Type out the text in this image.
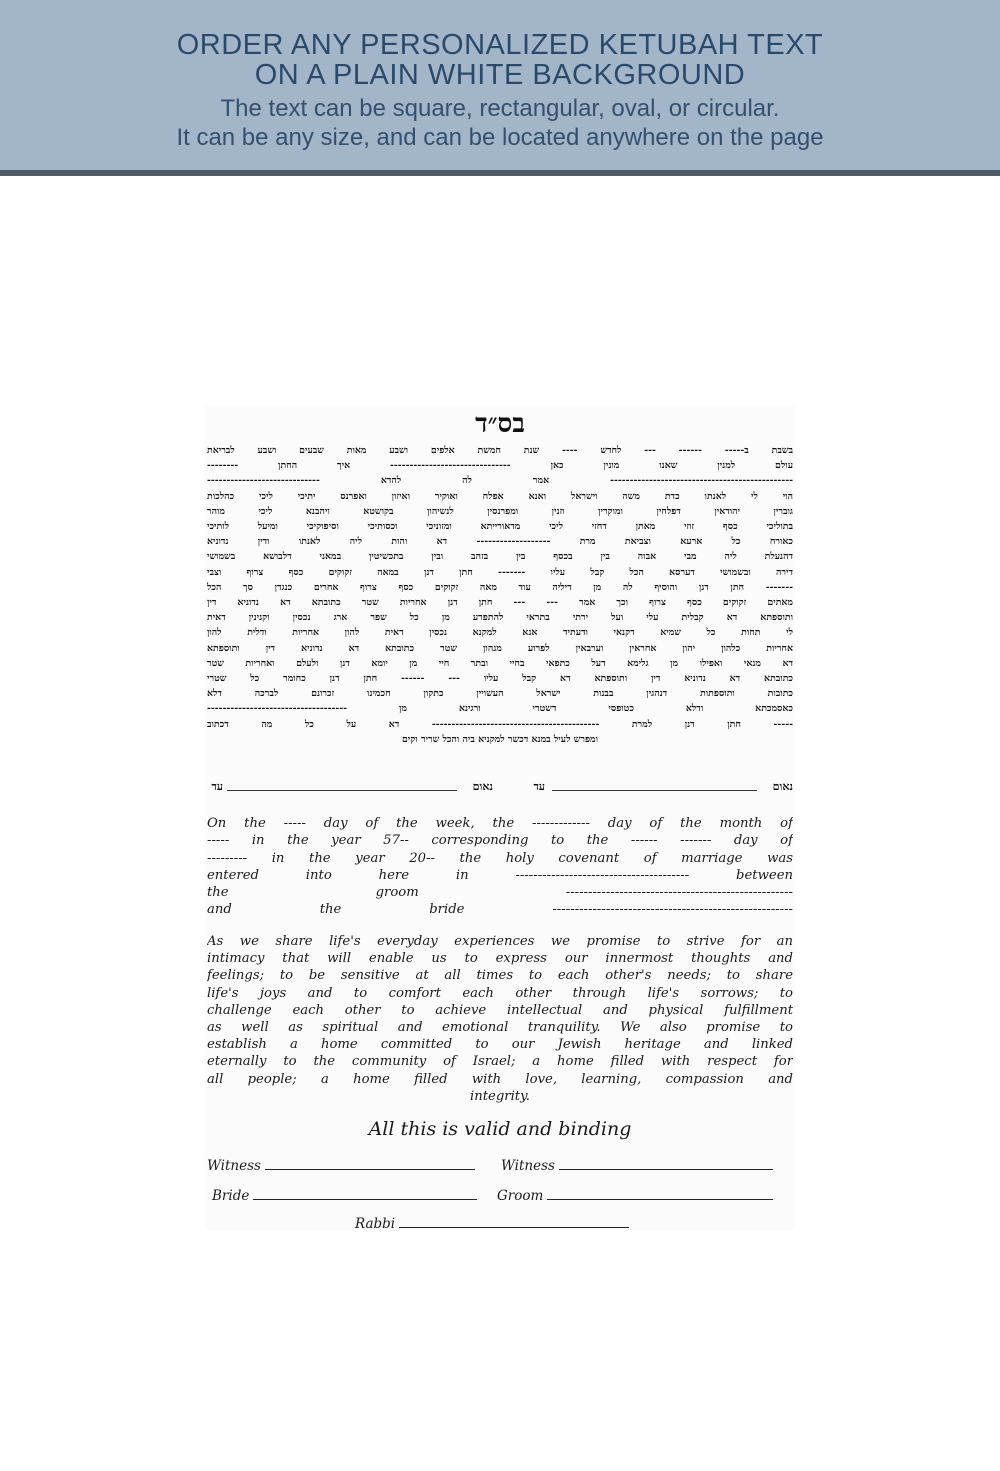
ORDER ANY PERSONALIZED KETUBAH TEXT
ON A PLAIN WHITE BACKGROUND
The text can be square, rectangular, oval, or circular.
It can be any size, and can be located anywhere on the page
בס״ד
בשבת ב----- ------ --- לחדש ---- שנת חמשת אלפים ושבע מאות שבעים ושבע לבריאת
עולם למנין שאנו מונין כאן ------------------------------- איך החתן --------
----------------------------------------------- אמר לה להדא -----------------------------
הוי לי לאנתו כדת משה וישראל ואנא אפלח ואוקיר ואיזון ואפרנס יתיכי ליכי כהלכות
גוברין יהודאין דפלחין ומוקרין וזנין ומפרנסין לנשיהון בקושטא ויהבנא ליכי מוהר
בתוליכי כסף זוזי מאתן דחזי ליכי מדאורייתא ומזוניכי וכסותיכי וסיפוקיכי ומיעל לותיכי
כאורח כל ארעא וצביאת מרת ------------------- דא והות ליה לאנתו ודין נדוניא
דהנעלת ליה מבי אבוה בין בכסף בין בזהב ובין בתכשיטין במאני דלבושא בשמושי
דירה ובשמושי דערסא הכל קבל עליו ------- חתן דנן במאה זקוקים כסף צרוף וצבי
------- חתן דנן והוסיף לה מן דיליה עוד מאה זקוקים כסף צרוף אחרים כנגדן סך הכל
מאתים זקוקים כסף צרוף וכך אמר --- --- חתן דנן אחריות שטר כתובתא דא נדוניא דין
ותוספתא דא קבלית עלי ועל ירתי בתראי להתפרע מן כל שפר ארג נכסין וקנינין דאית
לי תחות כל שמיא דקנאי ודעתיד אנא למקנא נכסין דאית להון אחריות ודלית להון
אחריות כלהון יהון אחראין וערבאין לפרוע מנהון שטר כתובתא דא נדוניא דין ותוספתא
דא מנאי ואפילו מן גלימא דעל כתפאי בחיי ובתר חיי מן יומא דנן ולעלם ואחריות שטר
כתובתא דא נדוניא דין ותוספתא דא קבל עליו --- ------ חתן דנן כחומר כל שטרי
כתובות ותוספתות דנהגין בבנות ישראל העשויין כתקון חכמינו זכרונם לברכה דלא
כאסמכתא ודלא כטופסי דשטרי ורגינא מן ------------------------------------
----- חתן דנן למרת ------------------------------------------- דא על כל מה דכתוב
ומפרש לעיל במנא דכשר למקניא ביה והכל שריר וקים
נאום
עד
נאום
עד
On the ----- day of the week, the ------------- day of the month of
----- in the year 57-- corresponding to the ------ ------- day of
--------- in the year 20-- the holy covenant of marriage was
entered into here in --------------------------------------- between
the groom ---------------------------------------------------
and the bride ------------------------------------------------------
As we share life's everyday experiences we promise to strive for an
intimacy that will enable us to express our innermost thoughts and
feelings; to be sensitive at all times to each other's needs; to share
life's joys and to comfort each other through life's sorrows; to
challenge each other to achieve intellectual and physical fulfillment
as well as spiritual and emotional tranquility. We also promise to
establish a home committed to our Jewish heritage and linked
eternally to the community of Israel; a home filled with respect for
all people; a home filled with love, learning, compassion and
integrity.
All this is valid and binding
Witness	Witness
Bride	Groom
Rabbi
